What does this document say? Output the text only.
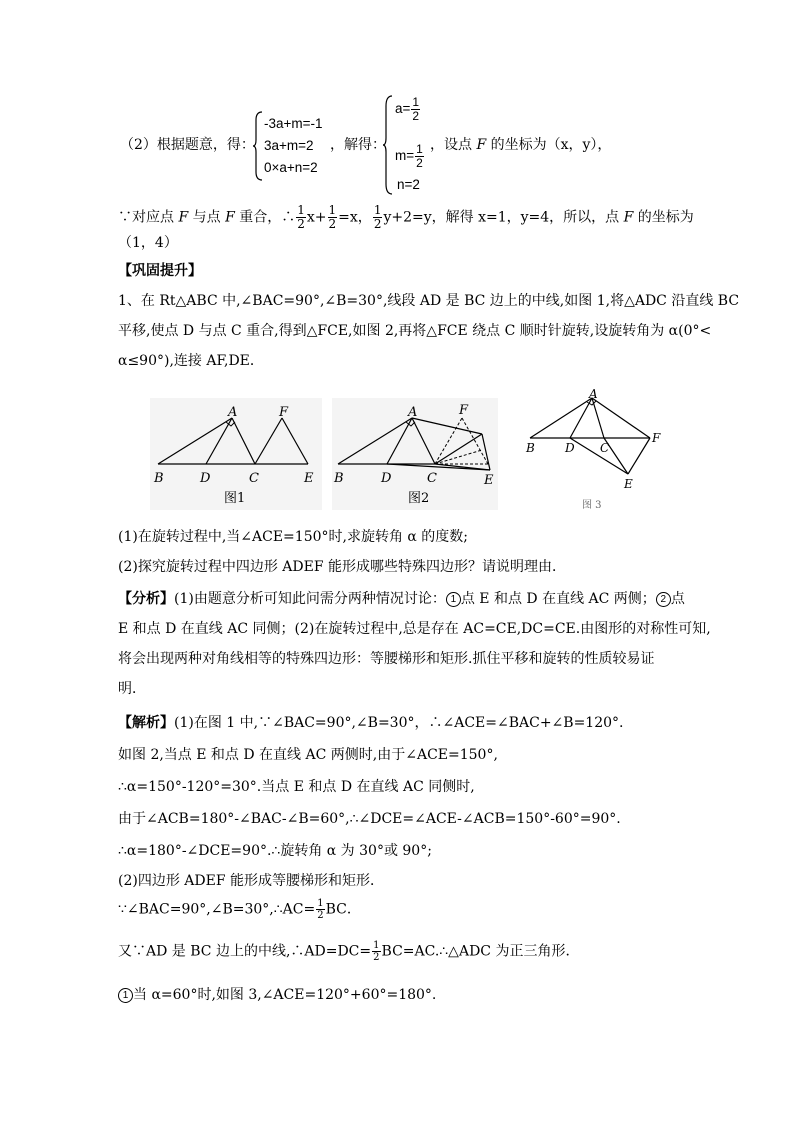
（2）根据题意，得：
-3a+m=-1
3a+m=2
0×a+n=2
，解得：
$a= \frac{1}{2}$
$m= \frac{1}{2}$
n=2
，设点 F 的坐标为（x，y），
∵对应点 F 与点 F 重合，∴ $\frac{1}{2} x+ \frac{1}{2} =x$， $\frac{1}{2} y+2=y$，解得 x=1，y=4，所以，点 F 的坐标为
（1，4）
【巩固提升】
1、在 Rt△ABC 中,∠BAC=90°,∠B=30°,线段 AD 是 BC 边上的中线,如图 1,将△ADC 沿直线 BC
平移,使点 D 与点 C 重合,得到△FCE,如图 2,再将△FCE 绕点 C 顺时针旋转,设旋转角为 α(0°<
α≤90°),连接 AF,DE．
A	F
B	D	C	E
图1
A	F
B	D	C	E
图2
A
B	D C
F
E
图 3
(1)在旋转过程中,当∠ACE=150°时,求旋转角 α 的度数;
(2)探究旋转过程中四边形 ADEF 能形成哪些特殊四边形？请说明理由．
【分析】(1)由题意分析可知此问需分两种情况讨论： 1 点 E 和点 D 在直线 AC 两侧； 2 点
E 和点 D 在直线 AC 同侧；(2)在旋转过程中,总是存在 AC=CE,DC=CE.由图形的对称性可知,
将会出现两种对角线相等的特殊四边形：等腰梯形和矩形.抓住平移和旋转的性质较易证
明．
【解析】(1)在图 1 中,∵∠BAC=90°,∠B=30°，∴∠ACE=∠BAC+∠B=120°.
如图 2,当点 E 和点 D 在直线 AC 两侧时,由于∠ACE=150°,
∴α=150°-120°=30°.当点 E 和点 D 在直线 AC 同侧时,
由于∠ACB=180°-∠BAC-∠B=60°,∴∠DCE=∠ACE-∠ACB=150°-60°=90°.
∴α=180°-∠DCE=90°.∴旋转角 α 为 30°或 90°;
(2)四边形 ADEF 能形成等腰梯形和矩形．
∵∠BAC=90°,∠B=30°,∴AC= $\frac{1}{2}$ BC．
又∵AD 是 BC 边上的中线,∴AD=DC= $\frac{1}{2}$ BC=AC.∴△ADC 为正三角形．
1 当 α=60°时,如图 3,∠ACE=120°+60°=180°.
